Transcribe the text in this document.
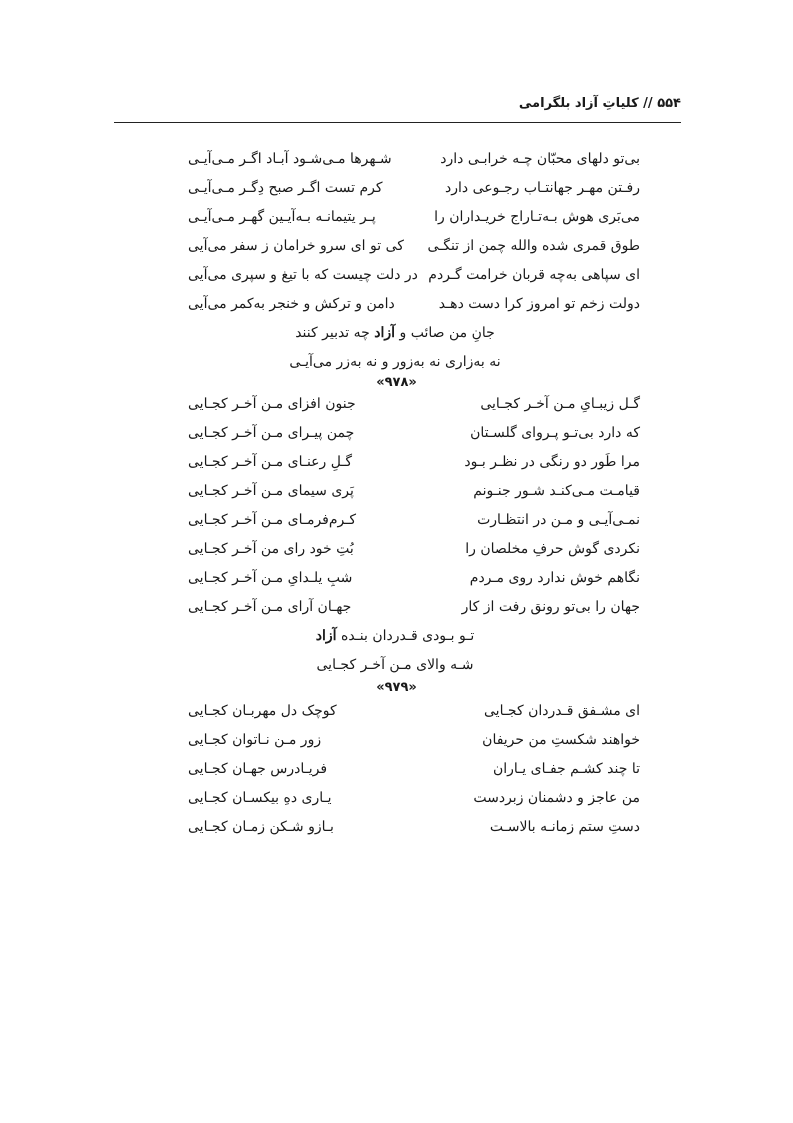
۵۵۴ // کلیاتِ آزاد بلگرامی
بی‌تو دلهای محبّان چـه خرابـی دارد
شـهرها مـی‌شـود آبـاد اگـر مـی‌آیـی
رفـتن مهـر جهانتـاب رجـوعی دارد
کرم تست اگـر صبح دِگـر مـی‌آیـی
می‌بَری هوش بـه‌تـاراج خریـداران را
پـر یتیمانـه بـه‌آیـین گهـر مـی‌آیـی
طوق قمری شده والله چمن از تنگـی
کی تو ای سرو خرامان ز سفر می‌آیی
ای سپاهی به‌چه قربان خرامت گـردم
در دلت چیست که با تیغ و سپری می‌آیی
دولت زخم تو امروز کرا دست دهـد
دامن و ترکش و خنجر به‌کمر می‌آیی
جانِ من صائب و آزاد چه تدبیر کنند
نه به‌زاری نه به‌زور و نه به‌زر می‌آیـی
«۹۷۸»
گـل زیبـایِ مـن آخـر کجـایی
جنون افزای مـن آخـر کجـایی
که دارد بی‌تـو پـروای گلسـتان
چمن پیـرای مـن آخـر کجـایی
مرا طَور دو رنگی در نظـر بـود
گـلِ رعنـای مـن آخـر کجـایی
قیامـت مـی‌کنـد شـور جنـونم
پَری سیمای مـن آخـر کجـایی
نمـی‌آیـی و مـن در انتظـارت
کـرم‌فرمـای مـن آخـر کجـایی
نکردی گوش حرفِ مخلصان را
بُتِ خود رای من آخـر کجـایی
نگاهم خوش ندارد روی مـردم
شبِ یلـدایِ مـن آخـر کجـایی
جهان را بی‌تو رونق رفت از کار
جهـان آرای مـن آخـر کجـایی
تـو بـودی قـدردان بنـده آزاد
شـه والای مـن آخـر کجـایی
«۹۷۹»
ای مشـفق قـدردان کجـایی
کوچک دل مهربـان کجـایی
خواهند شکستِ من حریفان
زور مـن نـاتوان کجـایی
تا چند کشـم جفـای یـاران
فریـادرس جهـان کجـایی
من عاجز و دشمنان زبردست
یـاری دهِ بیکسـان کجـایی
دستِ ستم زمانـه بالاسـت
بـازو شـکن زمـان کجـایی
